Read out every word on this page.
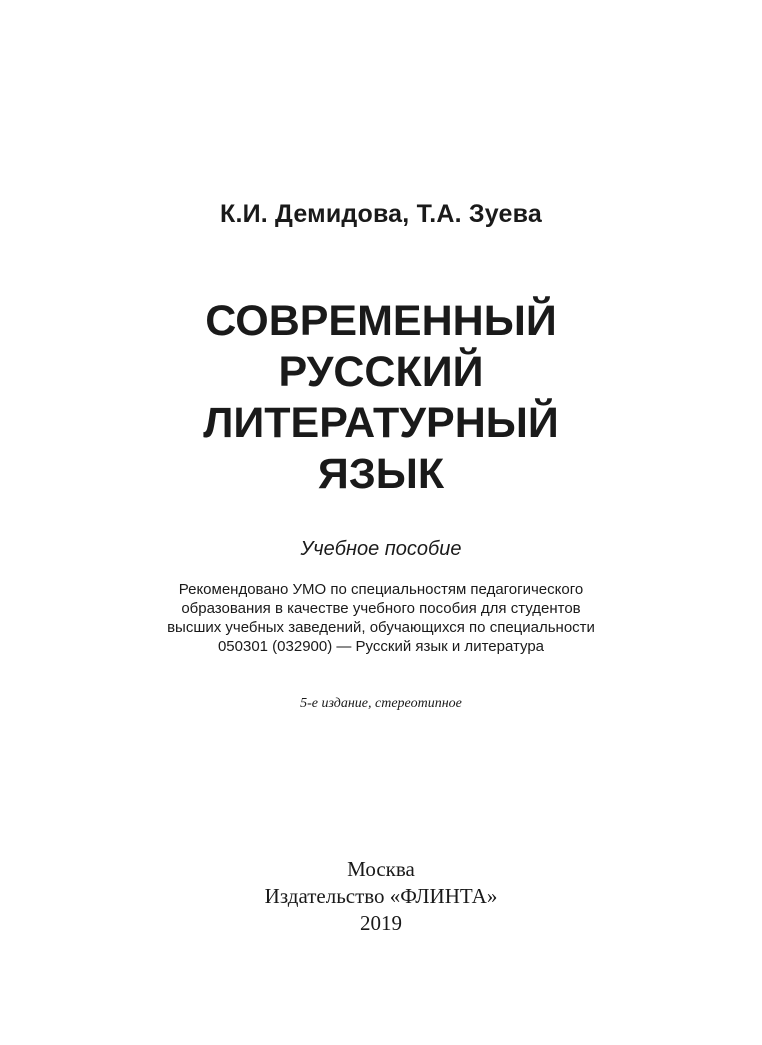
К.И. Демидова, Т.А. Зуева
СОВРЕМЕННЫЙ
РУССКИЙ
ЛИТЕРАТУРНЫЙ
ЯЗЫК
Учебное пособие
Рекомендовано УМО по специальностям педагогического
образования в качестве учебного пособия для студентов
высших учебных заведений, обучающихся по специальности
050301 (032900) — Русский язык и литература
5-е издание, стереотипное
Москва
Издательство «ФЛИНТА»
2019
